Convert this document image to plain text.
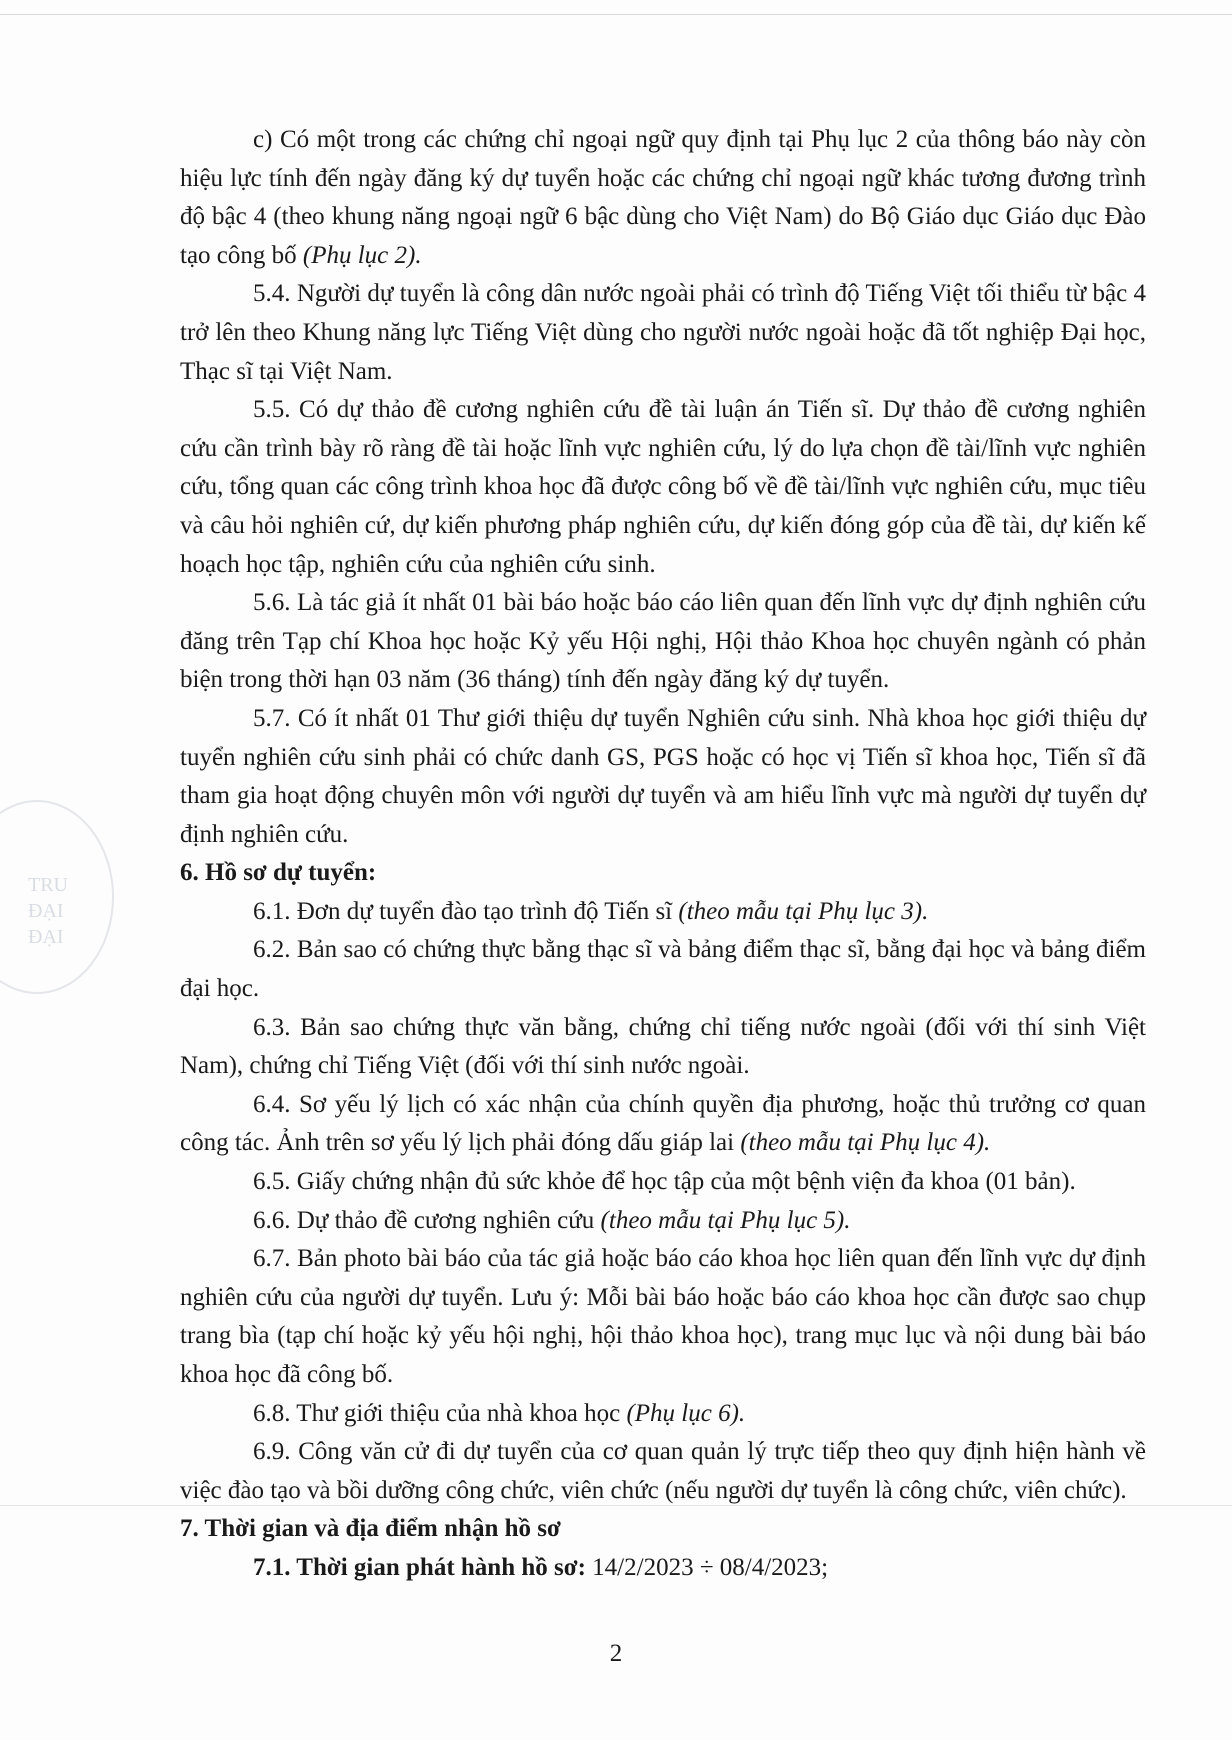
TRU
ĐẠI
ĐẠI

c) Có một trong các chứng chỉ ngoại ngữ quy định tại Phụ lục 2 của thông báo này còn hiệu lực tính đến ngày đăng ký dự tuyển hoặc các chứng chỉ ngoại ngữ khác tương đương trình độ bậc 4 (theo khung năng ngoại ngữ 6 bậc dùng cho Việt Nam) do Bộ Giáo dục Giáo dục Đào tạo công bố (Phụ lục 2).

5.4. Người dự tuyển là công dân nước ngoài phải có trình độ Tiếng Việt tối thiểu từ bậc 4 trở lên theo Khung năng lực Tiếng Việt dùng cho người nước ngoài hoặc đã tốt nghiệp Đại học, Thạc sĩ tại Việt Nam.

5.5. Có dự thảo đề cương nghiên cứu đề tài luận án Tiến sĩ. Dự thảo đề cương nghiên cứu cần trình bày rõ ràng đề tài hoặc lĩnh vực nghiên cứu, lý do lựa chọn đề tài/lĩnh vực nghiên cứu, tổng quan các công trình khoa học đã được công bố về đề tài/lĩnh vực nghiên cứu, mục tiêu và câu hỏi nghiên cứ, dự kiến phương pháp nghiên cứu, dự kiến đóng góp của đề tài, dự kiến kế hoạch học tập, nghiên cứu của nghiên cứu sinh.

5.6. Là tác giả ít nhất 01 bài báo hoặc báo cáo liên quan đến lĩnh vực dự định nghiên cứu đăng trên Tạp chí Khoa học hoặc Kỷ yếu Hội nghị, Hội thảo Khoa học chuyên ngành có phản biện trong thời hạn 03 năm (36 tháng) tính đến ngày đăng ký dự tuyển.

5.7. Có ít nhất 01 Thư giới thiệu dự tuyển Nghiên cứu sinh. Nhà khoa học giới thiệu dự tuyển nghiên cứu sinh phải có chức danh GS, PGS hoặc có học vị Tiến sĩ khoa học, Tiến sĩ đã tham gia hoạt động chuyên môn với người dự tuyển và am hiểu lĩnh vực mà người dự tuyển dự định nghiên cứu.

6. Hồ sơ dự tuyển:

6.1. Đơn dự tuyển đào tạo trình độ Tiến sĩ (theo mẫu tại Phụ lục 3).

6.2. Bản sao có chứng thực bằng thạc sĩ và bảng điểm thạc sĩ, bằng đại học và bảng điểm đại học.

6.3. Bản sao chứng thực văn bằng, chứng chỉ tiếng nước ngoài (đối với thí sinh Việt Nam), chứng chỉ Tiếng Việt (đối với thí sinh nước ngoài.

6.4. Sơ yếu lý lịch có xác nhận của chính quyền địa phương, hoặc thủ trưởng cơ quan công tác. Ảnh trên sơ yếu lý lịch phải đóng dấu giáp lai (theo mẫu tại Phụ lục 4).

6.5. Giấy chứng nhận đủ sức khỏe để học tập của một bệnh viện đa khoa (01 bản).

6.6. Dự thảo đề cương nghiên cứu (theo mẫu tại Phụ lục 5).

6.7. Bản photo bài báo của tác giả hoặc báo cáo khoa học liên quan đến lĩnh vực dự định nghiên cứu của người dự tuyển. Lưu ý: Mỗi bài báo hoặc báo cáo khoa học cần được sao chụp trang bìa (tạp chí hoặc kỷ yếu hội nghị, hội thảo khoa học), trang mục lục và nội dung bài báo khoa học đã công bố.

6.8. Thư giới thiệu của nhà khoa học (Phụ lục 6).

6.9. Công văn cử đi dự tuyển của cơ quan quản lý trực tiếp theo quy định hiện hành về việc đào tạo và bồi dưỡng công chức, viên chức (nếu người dự tuyển là công chức, viên chức).

7. Thời gian và địa điểm nhận hồ sơ

7.1. Thời gian phát hành hồ sơ: 14/2/2023 ÷ 08/4/2023;

2
